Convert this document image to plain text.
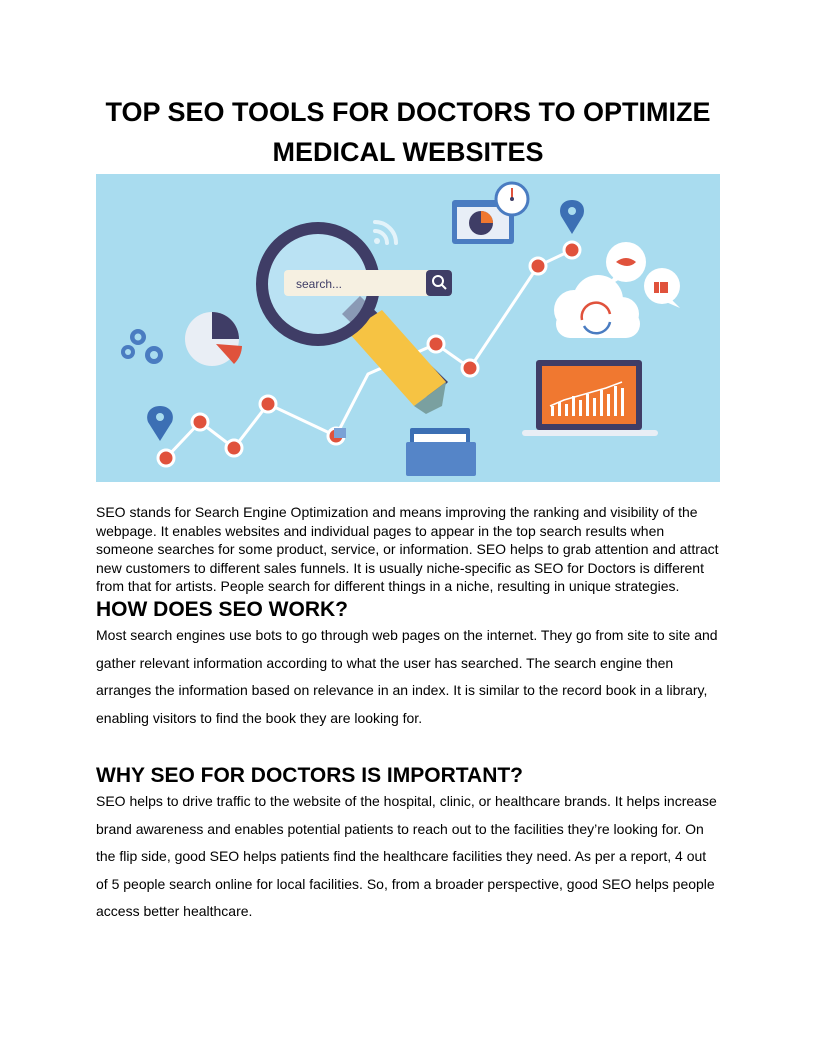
TOP SEO TOOLS FOR DOCTORS TO OPTIMIZE
MEDICAL WEBSITES
search...

SEO stands for Search Engine Optimization and means improving the ranking and visibility of the webpage. It enables websites and individual pages to appear in the top search results when someone searches for some product, service, or information. SEO helps to grab attention and attract new customers to different sales funnels. It is usually niche-specific as SEO for Doctors is different from that for artists. People search for different things in a niche, resulting in unique strategies.

HOW DOES SEO WORK?

Most search engines use bots to go through web pages on the internet. They go from site to site and gather relevant information according to what the user has searched. The search engine then arranges the information based on relevance in an index. It is similar to the record book in a library, enabling visitors to find the book they are looking for.

WHY SEO FOR DOCTORS IS IMPORTANT?

SEO helps to drive traffic to the website of the hospital, clinic, or healthcare brands. It helps increase brand awareness and enables potential patients to reach out to the facilities they’re looking for. On the flip side, good SEO helps patients find the healthcare facilities they need. As per a report, 4 out of 5 people search online for local facilities. So, from a broader perspective, good SEO helps people access better healthcare.
